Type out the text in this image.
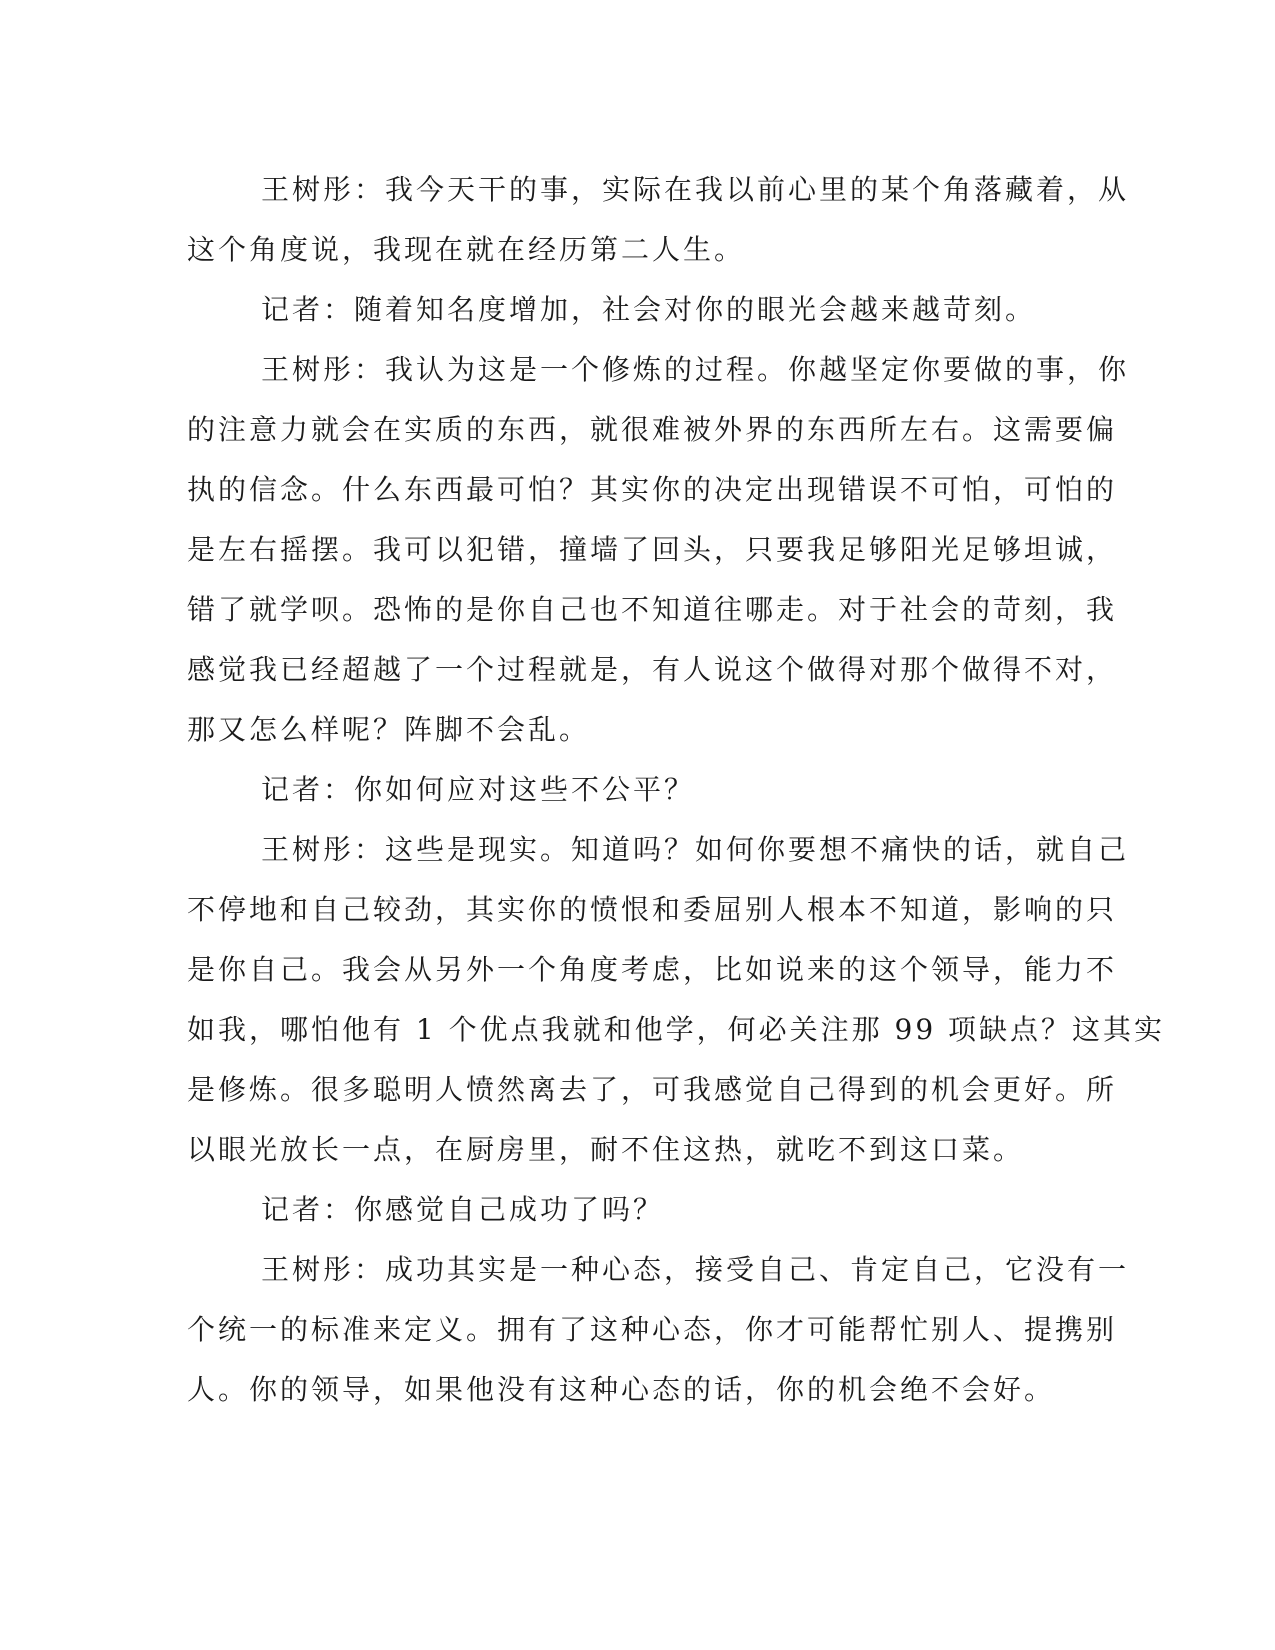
王树彤：我今天干的事，实际在我以前心里的某个角落藏着，从
这个角度说，我现在就在经历第二人生。
记者：随着知名度增加，社会对你的眼光会越来越苛刻。
王树彤：我认为这是一个修炼的过程。你越坚定你要做的事，你
的注意力就会在实质的东西，就很难被外界的东西所左右。这需要偏
执的信念。什么东西最可怕？其实你的决定出现错误不可怕，可怕的
是左右摇摆。我可以犯错，撞墙了回头，只要我足够阳光足够坦诚，
错了就学呗。恐怖的是你自己也不知道往哪走。对于社会的苛刻，我
感觉我已经超越了一个过程就是，有人说这个做得对那个做得不对，
那又怎么样呢？阵脚不会乱。
记者：你如何应对这些不公平？
王树彤：这些是现实。知道吗？如何你要想不痛快的话，就自己
不停地和自己较劲，其实你的愤恨和委屈别人根本不知道，影响的只
是你自己。我会从另外一个角度考虑，比如说来的这个领导，能力不
如我，哪怕他有 1 个优点我就和他学，何必关注那 99 项缺点？这其实
是修炼。很多聪明人愤然离去了，可我感觉自己得到的机会更好。所
以眼光放长一点，在厨房里，耐不住这热，就吃不到这口菜。
记者：你感觉自己成功了吗？
王树彤：成功其实是一种心态，接受自己、肯定自己，它没有一
个统一的标准来定义。拥有了这种心态，你才可能帮忙别人、提携别
人。你的领导，如果他没有这种心态的话，你的机会绝不会好。
